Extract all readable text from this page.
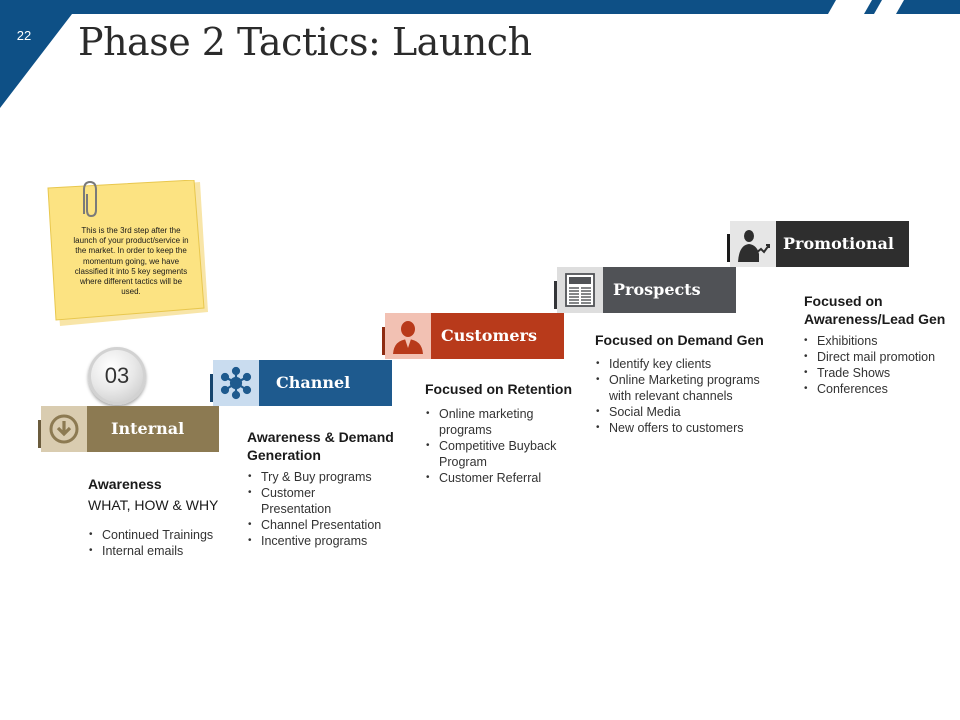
22 Phase 2 Tactics: Launch
This is the 3rd step after the launch of your product/service in the market. In order to keep the momentum going, we have classified it into 5 key segments where different tactics will be used.
03
Internal
Awareness
WHAT, HOW & WHY
• Continued Trainings
• Internal emails
Channel
Awareness & Demand Generation
• Try & Buy programs
• Customer Presentation
• Channel Presentation
• Incentive programs
Customers
Focused on Retention
• Online marketing programs
• Competitive Buyback Program
• Customer Referral
Prospects
Focused on Demand Gen
• Identify key clients
• Online Marketing programs with relevant channels
• Social Media
• New offers to customers
Promotional
Focused on Awareness/Lead Gen
• Exhibitions
• Direct mail promotion
• Trade Shows
• Conferences
